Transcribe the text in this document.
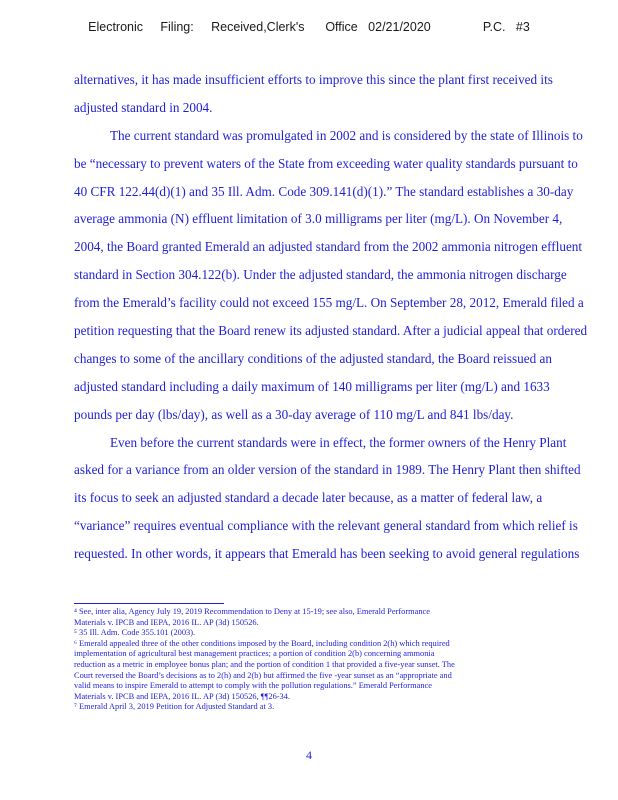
Electronic     Filing:     Received,Clerk's      Office   02/21/2020               P.C.   #3
alternatives, it has made insufficient efforts to improve this since the plant first received its
adjusted standard in 2004.
The current standard was promulgated in 2002 and is considered by the state of Illinois to
be “necessary to prevent waters of the State from exceeding water quality standards pursuant to
40 CFR 122.44(d)(1) and 35 Ill. Adm. Code 309.141(d)(1).” The standard establishes a 30-day
average ammonia (N) effluent limitation of 3.0 milligrams per liter (mg/L). On November 4,
2004, the Board granted Emerald an adjusted standard from the 2002 ammonia nitrogen effluent
standard in Section 304.122(b). Under the adjusted standard, the ammonia nitrogen discharge
from the Emerald’s facility could not exceed 155 mg/L. On September 28, 2012, Emerald filed a
petition requesting that the Board renew its adjusted standard. After a judicial appeal that ordered
changes to some of the ancillary conditions of the adjusted standard, the Board reissued an
adjusted standard including a daily maximum of 140 milligrams per liter (mg/L) and 1633
pounds per day (lbs/day), as well as a 30-day average of 110 mg/L and 841 lbs/day.
Even before the current standards were in effect, the former owners of the Henry Plant
asked for a variance from an older version of the standard in 1989. The Henry Plant then shifted
its focus to seek an adjusted standard a decade later because, as a matter of federal law, a
“variance” requires eventual compliance with the relevant general standard from which relief is
requested. In other words, it appears that Emerald has been seeking to avoid general regulations
⁴ See, inter alia, Agency July 19, 2019 Recommendation to Deny at 15-19; see also, Emerald Performance
Materials v. IPCB and IEPA, 2016 IL. AP (3d) 150526.
⁵ 35 Ill. Adm. Code 355.101 (2003).
⁶ Emerald appealed three of the other conditions imposed by the Board, including condition 2(h) which required
implementation of agricultural best management practices; a portion of condition 2(b) concerning ammonia
reduction as a metric in employee bonus plan; and the portion of condition 1 that provided a five-year sunset. The
Court reversed the Board’s decisions as to 2(h) and 2(b) but affirmed the five -year sunset as an “appropriate and
valid means to inspire Emerald to attempt to comply with the pollution regulations.” Emerald Performance
Materials v. IPCB and IEPA, 2016 IL. AP (3d) 150526, ¶¶26-34.
⁷ Emerald April 3, 2019 Petition for Adjusted Standard at 3.
4
